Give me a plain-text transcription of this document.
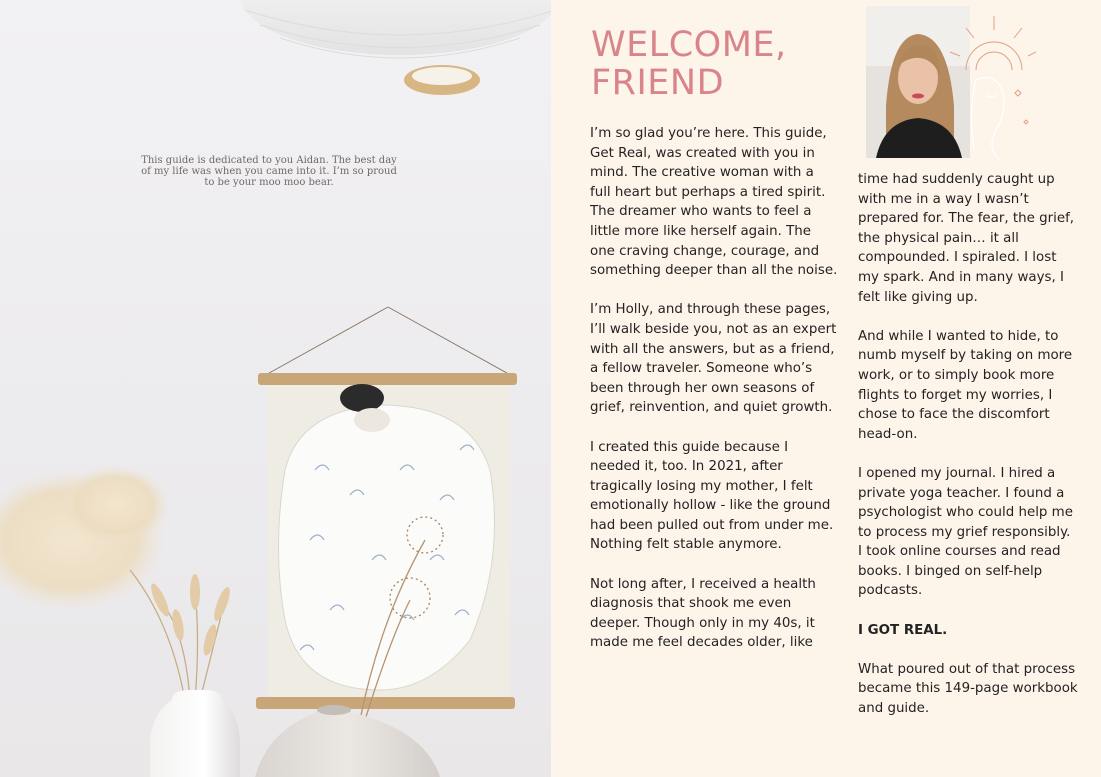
This guide is dedicated to you Aidan. The best day of my life was when you came into it. I’m so proud to be your moo moo bear.

WELCOME,
FRIEND

I’m so glad you’re here. This guide, Get Real, was created with you in mind. The creative woman with a full heart but perhaps a tired spirit. The dreamer who wants to feel a little more like herself again. The one craving change, courage, and something deeper than all the noise.

I’m Holly, and through these pages, I’ll walk beside you, not as an expert with all the answers, but as a friend, a fellow traveler. Someone who’s been through her own seasons of grief, reinvention, and quiet growth.

I created this guide because I needed it, too. In 2021, after tragically losing my mother, I felt emotionally hollow - like the ground had been pulled out from under me. Nothing felt stable anymore.

Not long after, I received a health diagnosis that shook me even deeper. Though only in my 40s, it made me feel decades older, like

time had suddenly caught up with me in a way I wasn’t prepared for. The fear, the grief, the physical pain… it all compounded. I spiraled. I lost my spark. And in many ways, I felt like giving up.

And while I wanted to hide, to numb myself by taking on more work, or to simply book more flights to forget my worries, I chose to face the discomfort head-on.

I opened my journal. I hired a private yoga teacher. I found a psychologist who could help me to process my grief responsibly. I took online courses and read books. I binged on self-help podcasts.

I GOT REAL.

What poured out of that process became this 149-page workbook and guide.
